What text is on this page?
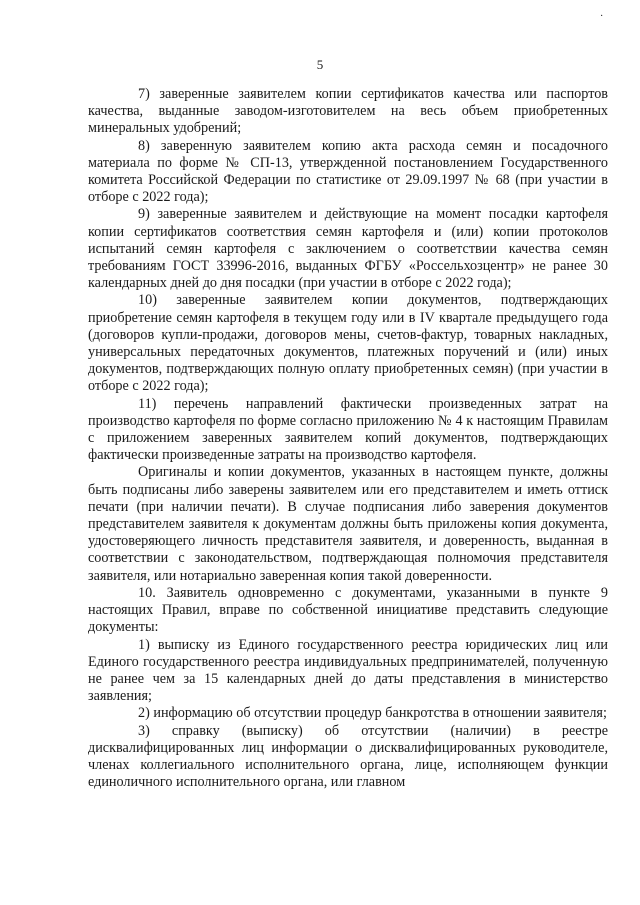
·
5

7) заверенные заявителем копии сертификатов качества или паспортов качества, выданные заводом-изготовителем на весь объем приобретенных минеральных удобрений;

8) заверенную заявителем копию акта расхода семян и посадочного материала по форме № СП-13, утвержденной постановлением Государственного комитета Российской Федерации по статистике от 29.09.1997 № 68 (при участии в отборе с 2022 года);

9) заверенные заявителем и действующие на момент посадки картофеля копии сертификатов соответствия семян картофеля и (или) копии протоколов испытаний семян картофеля с заключением о соответствии качества семян требованиям ГОСТ 33996-2016, выданных ФГБУ «Россельхозцентр» не ранее 30 календарных дней до дня посадки (при участии в отборе с 2022 года);

10) заверенные заявителем копии документов, подтверждающих приобретение семян картофеля в текущем году или в IV квартале предыдущего года (договоров купли-продажи, договоров мены, счетов-фактур, товарных накладных, универсальных передаточных документов, платежных поручений и (или) иных документов, подтверждающих полную оплату приобретенных семян) (при участии в отборе с 2022 года);

11) перечень направлений фактически произведенных затрат на производство картофеля по форме согласно приложению № 4 к настоящим Правилам с приложением заверенных заявителем копий документов, подтверждающих фактически произведенные затраты на производство картофеля.

Оригиналы и копии документов, указанных в настоящем пункте, должны быть подписаны либо заверены заявителем или его представителем и иметь оттиск печати (при наличии печати). В случае подписания либо заверения документов представителем заявителя к документам должны быть приложены копия документа, удостоверяющего личность представителя заявителя, и доверенность, выданная в соответствии с законодательством, подтверждающая полномочия представителя заявителя, или нотариально заверенная копия такой доверенности.

10. Заявитель одновременно с документами, указанными в пункте 9 настоящих Правил, вправе по собственной инициативе представить следующие документы:

1) выписку из Единого государственного реестра юридических лиц или Единого государственного реестра индивидуальных предпринимателей, полученную не ранее чем за 15 календарных дней до даты представления в министерство заявления;

2) информацию об отсутствии процедур банкротства в отношении заявителя;

3) справку (выписку) об отсутствии (наличии) в реестре дисквалифицированных лиц информации о дисквалифицированных руководителе, членах коллегиального исполнительного органа, лице, исполняющем функции единоличного исполнительного органа, или главном
